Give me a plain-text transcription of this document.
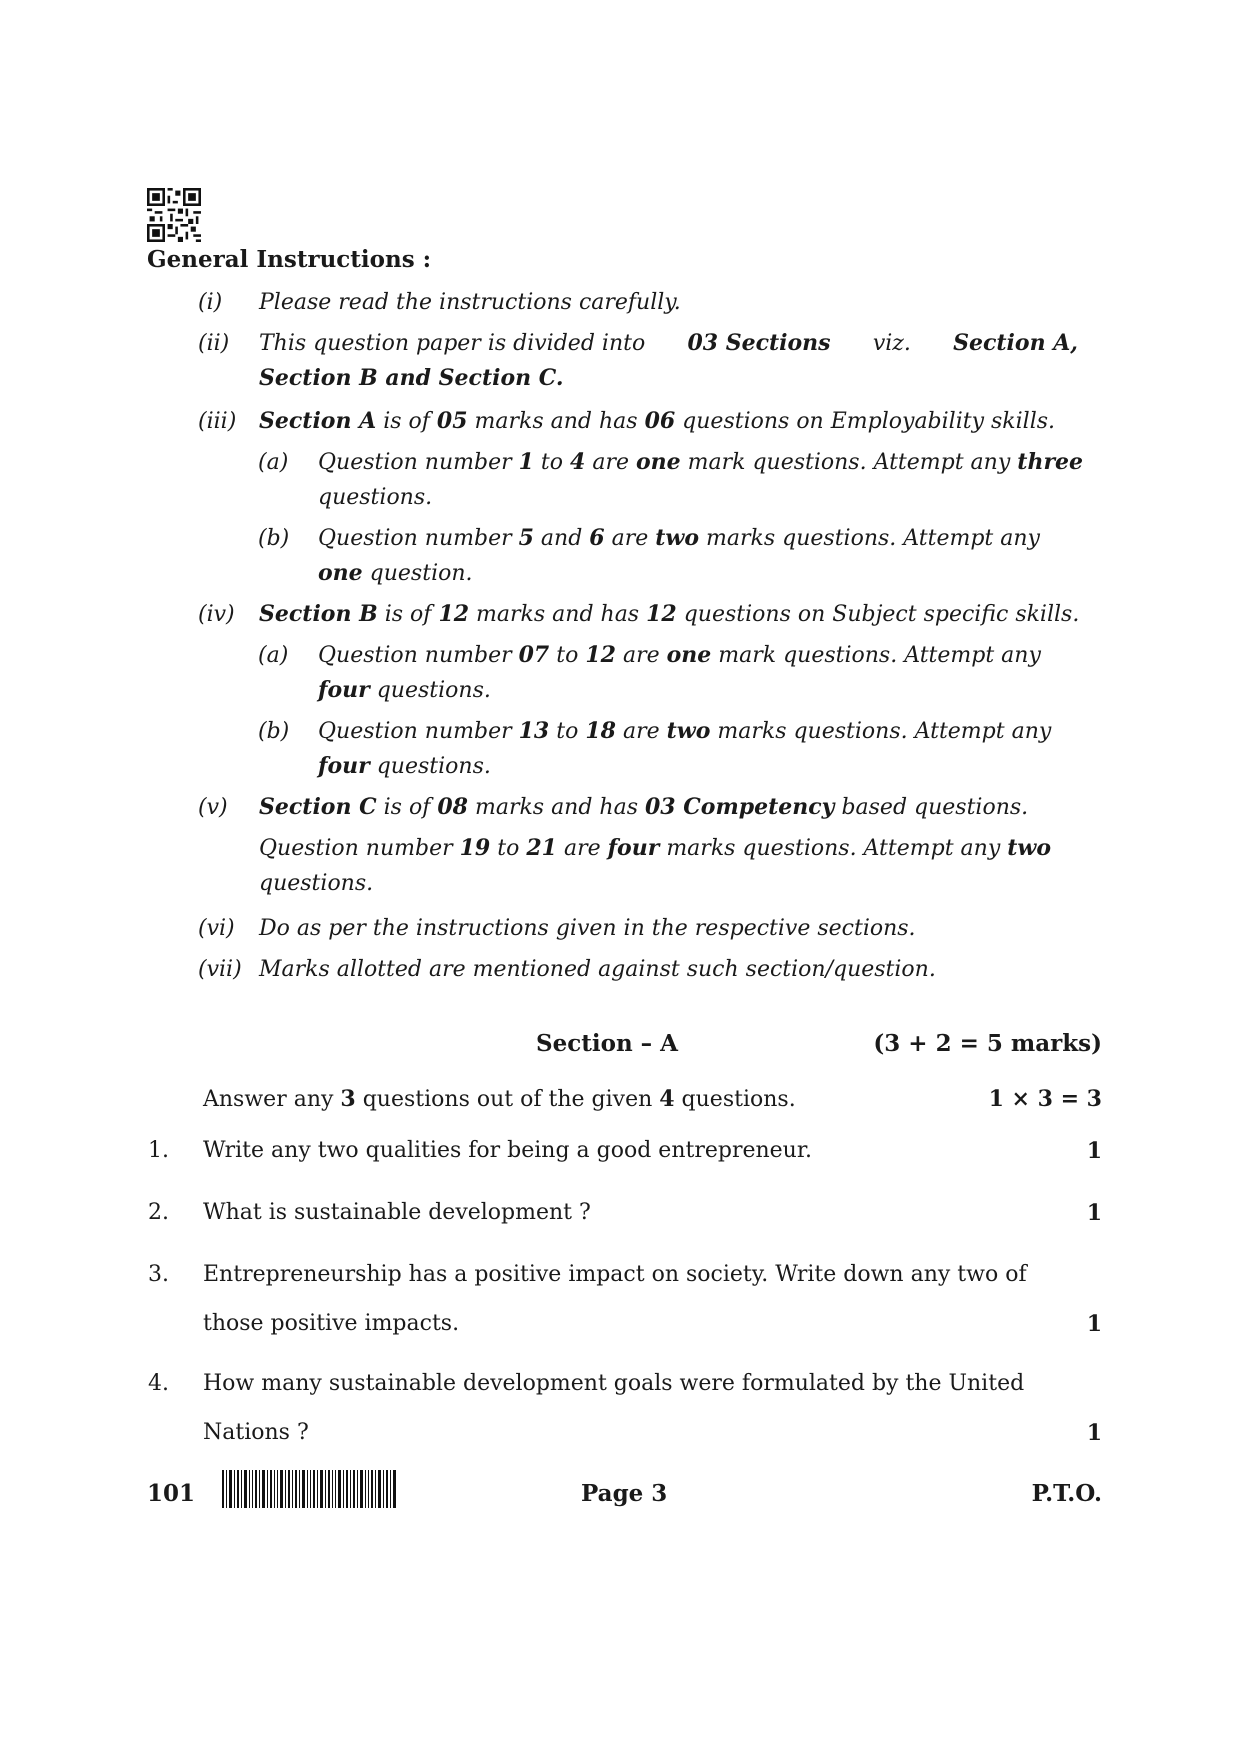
General Instructions :
(i) Please read the instructions carefully.
(ii) This question paper is divided into 03 Sections viz. Section A,
Section B and Section C.
(iii) Section A is of 05 marks and has 06 questions on Employability skills.
(a) Question number 1 to 4 are one mark questions. Attempt any three
questions.
(b) Question number 5 and 6 are two marks questions. Attempt any
one question.
(iv) Section B is of 12 marks and has 12 questions on Subject specific skills.
(a) Question number 07 to 12 are one mark questions. Attempt any
four questions.
(b) Question number 13 to 18 are two marks questions. Attempt any
four questions.
(v) Section C is of 08 marks and has 03 Competency based questions.
Question number 19 to 21 are four marks questions. Attempt any two
questions.
(vi) Do as per the instructions given in the respective sections.
(vii) Marks allotted are mentioned against such section/question.
Section – A	(3 + 2 = 5 marks)
Answer any 3 questions out of the given 4 questions.	1 × 3 = 3
1. Write any two qualities for being a good entrepreneur.	1
2. What is sustainable development ?	1
3. Entrepreneurship has a positive impact on society. Write down any two of
those positive impacts.	1
4. How many sustainable development goals were formulated by the United
Nations ?	1
101	Page 3	P.T.O.
